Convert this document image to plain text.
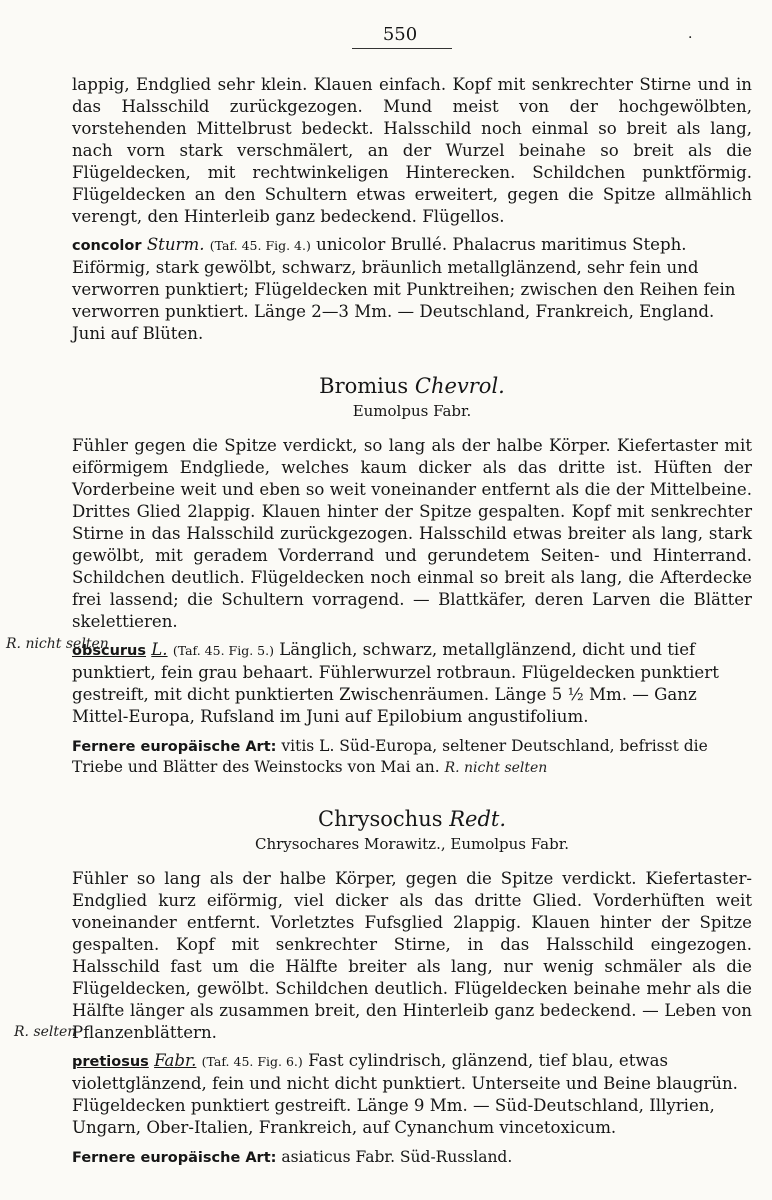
550	·

lappig, Endglied sehr klein. Klauen einfach. Kopf mit senkrechter Stirne und in das Halsschild zurückgezogen. Mund meist von der hochgewölbten, vorstehenden Mittelbrust bedeckt. Halsschild noch einmal so breit als lang, nach vorn stark verschmälert, an der Wurzel beinahe so breit als die Flügeldecken, mit rechtwinkeligen Hinterecken. Schildchen punktförmig. Flügeldecken an den Schultern etwas erweitert, gegen die Spitze allmählich verengt, den Hinterleib ganz bedeckend. Flügellos.

concolor Sturm. (Taf. 45. Fig. 4.) unicolor Brullé. Phalacrus maritimus Steph. Eiförmig, stark gewölbt, schwarz, bräunlich metallglänzend, sehr fein und verworren punktiert; Flügeldecken mit Punktreihen; zwischen den Reihen fein verworren punktiert. Länge 2—3 Mm. — Deutschland, Frankreich, England. Juni auf Blüten.

Bromius Chevrol.
Eumolpus Fabr.

Fühler gegen die Spitze verdickt, so lang als der halbe Körper. Kiefertaster mit eiförmigem Endgliede, welches kaum dicker als das dritte ist. Hüften der Vorderbeine weit und eben so weit voneinander entfernt als die der Mittelbeine. Drittes Glied 2lappig. Klauen hinter der Spitze gespalten. Kopf mit senkrechter Stirne in das Halsschild zurückgezogen. Halsschild etwas breiter als lang, stark gewölbt, mit geradem Vorderrand und gerundetem Seiten- und Hinterrand. Schildchen deutlich. Flügeldecken noch einmal so breit als lang, die Afterdecke frei lassend; die Schultern vorragend. — Blattkäfer, deren Larven die Blätter skelettieren.

obscurus L. (Taf. 45. Fig. 5.) Länglich, schwarz, metallglänzend, dicht und tief punktiert, fein grau behaart. Fühlerwurzel rotbraun. Flügeldecken punktiert gestreift, mit dicht punktierten Zwischenräumen. Länge 5 ½ Mm. — Ganz Mittel-Europa, Rufsland im Juni auf Epilobium angustifolium.

Fernere europäische Art: vitis L. Süd-Europa, seltener Deutschland, befrisst die Triebe und Blätter des Weinstocks von Mai an. R. nicht selten

Chrysochus Redt.
Chrysochares Morawitz., Eumolpus Fabr.

Fühler so lang als der halbe Körper, gegen die Spitze verdickt. Kiefertaster-Endglied kurz eiförmig, viel dicker als das dritte Glied. Vorderhüften weit voneinander entfernt. Vorletztes Fufsglied 2lappig. Klauen hinter der Spitze gespalten. Kopf mit senkrechter Stirne, in das Halsschild eingezogen. Halsschild fast um die Hälfte breiter als lang, nur wenig schmäler als die Flügeldecken, gewölbt. Schildchen deutlich. Flügeldecken beinahe mehr als die Hälfte länger als zusammen breit, den Hinterleib ganz bedeckend. — Leben von Pflanzenblättern.

pretiosus Fabr. (Taf. 45. Fig. 6.) Fast cylindrisch, glänzend, tief blau, etwas violettglänzend, fein und nicht dicht punktiert. Unterseite und Beine blaugrün. Flügeldecken punktiert gestreift. Länge 9 Mm. — Süd-Deutschland, Illyrien, Ungarn, Ober-Italien, Frankreich, auf Cynanchum vincetoxicum.

Fernere europäische Art: asiaticus Fabr. Süd-Russland.

R. nicht selten
R. selten
